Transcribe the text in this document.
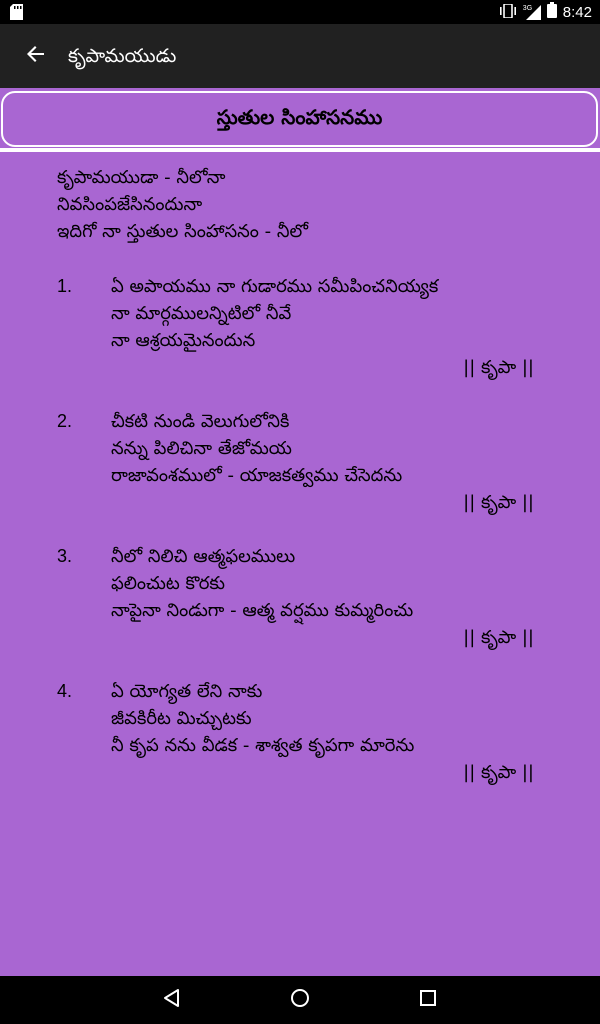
3G 8:42
కృపామయుడు
స్తుతుల సింహాసనము
కృపామయుడా - నీలోనా
నివసింపజేసినందునా
ఇదిగో నా స్తుతుల సింహాసనం - నీలో
1. ఏ అపాయము నా గుడారము సమీపించనియ్యక
నా మార్గములన్నిటిలో నీవే
నా ఆశ్రయమైనందున
|| కృపా ||
2. చీకటి నుండి వెలుగులోనికి
నన్ను పిలిచినా తేజోమయ
రాజావంశములో - యాజకత్వము చేసెదను
|| కృపా ||
3. నీలో నిలిచి ఆత్మఫలములు
ఫలించుట కొరకు
నాపైనా నిండుగా - ఆత్మ వర్షము కుమ్మరించు
|| కృపా ||
4. ఏ యోగ్యత లేని నాకు
జీవకిరీట మిచ్చుటకు
నీ కృప నను వీడక - శాశ్వత కృపగా మారెను
|| కృపా ||
